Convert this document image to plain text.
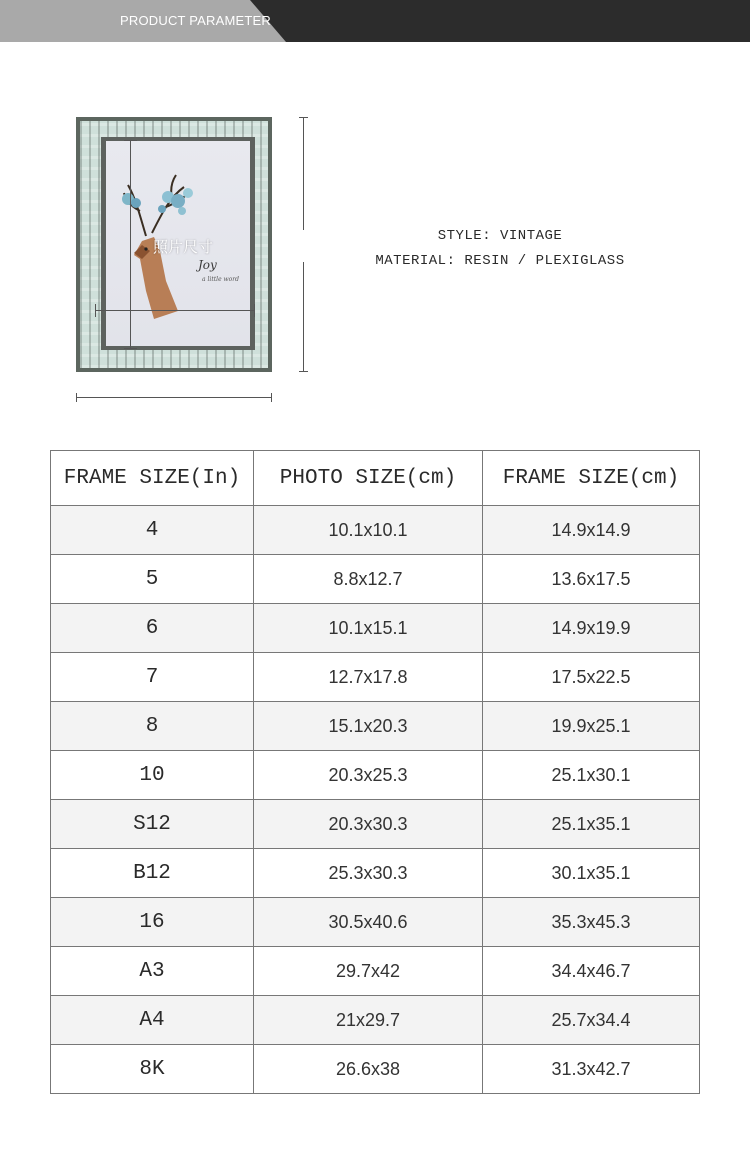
PRODUCT PARAMETER
Joy
a little word
照片尺寸
STYLE: VINTAGE
MATERIAL: RESIN / PLEXIGLASS
FRAME SIZE(In)	PHOTO SIZE(cm)	FRAME SIZE(cm)
4	10.1x10.1	14.9x14.9
5	8.8x12.7	13.6x17.5
6	10.1x15.1	14.9x19.9
7	12.7x17.8	17.5x22.5
8	15.1x20.3	19.9x25.1
10	20.3x25.3	25.1x30.1
S12	20.3x30.3	25.1x35.1
B12	25.3x30.3	30.1x35.1
16	30.5x40.6	35.3x45.3
A3	29.7x42	34.4x46.7
A4	21x29.7	25.7x34.4
8K	26.6x38	31.3x42.7
